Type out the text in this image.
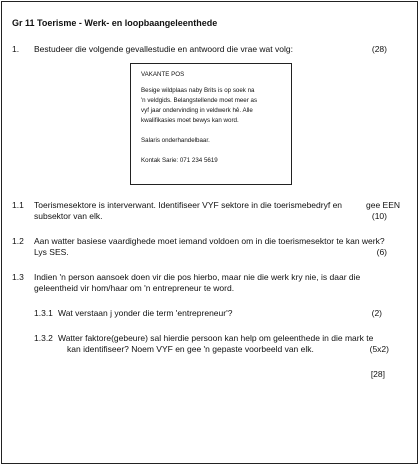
Gr 11 Toerisme - Werk- en loopbaangeleenthede
1. Bestudeer die volgende gevallestudie en antwoord die vrae wat volg:	(28)
VAKANTE POS
Besige wildplaas naby Brits is op soek na
'n veldgids. Belangstellende moet meer as
vyf jaar ondervinding in veldwerk hê. Alle
kwalifikasies moet bewys kan word.
Salaris onderhandelbaar.
Kontak Sarie: 071 234 5619
1.1 Toerismesektore is interverwant. Identifiseer VYF sektore in die toerismebedryf en	gee EEN
subsektor van elk.	(10)
1.2 Aan watter basiese vaardighede moet iemand voldoen om in die toerismesektor te kan werk?
Lys SES.	(6)
1.3 Indien 'n person aansoek doen vir die pos hierbo, maar nie die werk kry nie, is daar die
geleentheid vir hom/haar om 'n entrepreneur te word.
1.3.1 Wat verstaan j yonder die term 'entrepreneur'?	(2)
1.3.2 Watter faktore(gebeure) sal hierdie persoon kan help om geleenthede in die mark te
kan identifiseer? Noem VYF en gee 'n gepaste voorbeeld van elk.	(5x2)
[28]
